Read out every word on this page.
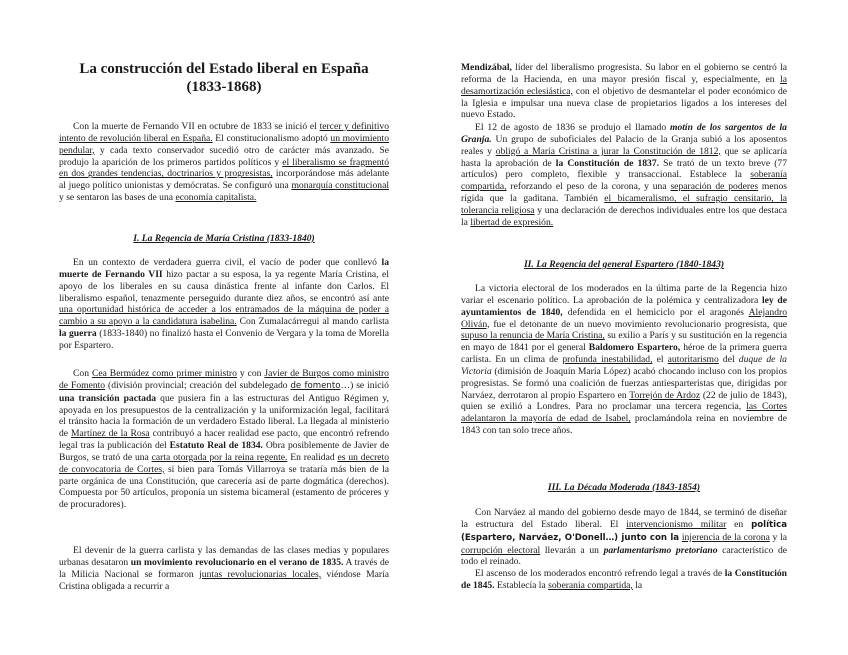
La construcción del Estado liberal en España
(1833-1868)

Con la muerte de Fernando VII en octubre de 1833 se inició el tercer y definitivo intento de revolución liberal en España. El constitucionalismo adoptó un movimiento pendular, y cada texto conservador sucedió otro de carácter más avanzado. Se produjo la aparición de los primeros partidos políticos y el liberalismo se fragmentó en dos grandes tendencias, doctrinarios y progresistas, incorporándose más adelante al juego político unionistas y demócratas. Se configuró una monarquía constitucional y se sentaron las bases de una economía capitalista.

I. La Regencia de María Cristina (1833-1840)

En un contexto de verdadera guerra civil, el vacío de poder que conllevó la muerte de Fernando VII hizo pactar a su esposa, la ya regente María Cristina, el apoyo de los liberales en su causa dinástica frente al infante don Carlos. El liberalismo español, tenazmente perseguido durante diez años, se encontró así ante una oportunidad histórica de acceder a los entramados de la máquina de poder a cambio a su apoyo a la candidatura isabelina. Con Zumalacárregui al mando carlista la guerra (1833-1840) no finalizó hasta el Convenio de Vergara y la toma de Morella por Espartero.

Con Cea Bermúdez como primer ministro y con Javier de Burgos como ministro de Fomento (división provincial; creación del subdelegado de fomento…) se inició una transición pactada que pusiera fin a las estructuras del Antiguo Régimen y, apoyada en los presupuestos de la centralización y la uniformización legal, facilitará el tránsito hacia la formación de un verdadero Estado liberal. La llegada al ministerio de Martínez de la Rosa contribuyó a hacer realidad ese pacto, que encontró refrendo legal tras la publicación del Estatuto Real de 1834. Obra posiblemente de Javier de Burgos, se trató de una carta otorgada por la reina regente. En realidad es un decreto de convocatoria de Cortes, si bien para Tomás Villarroya se trataría más bien de la parte orgánica de una Constitución, que carecería así de parte dogmática (derechos). Compuesta por 50 artículos, proponía un sistema bicameral (estamento de próceres y de procuradores).

El devenir de la guerra carlista y las demandas de las clases medias y populares urbanas desataron un movimiento revolucionario en el verano de 1835. A través de la Milicia Nacional se formaron juntas revolucionarias locales, viéndose María Cristina obligada a recurrir a

Mendizábal, líder del liberalismo progresista. Su labor en el gobierno se centró la reforma de la Hacienda, en una mayor presión fiscal y, especialmente, en la desamortización eclesiástica, con el objetivo de desmantelar el poder económico de la Iglesia e impulsar una nueva clase de propietarios ligados a los intereses del nuevo Estado.

El 12 de agosto de 1836 se produjo el llamado motín de los sargentos de la Granja. Un grupo de suboficiales del Palacio de la Granja subió a los aposentos reales y obligó a María Cristina a jurar la Constitución de 1812, que se aplicaría hasta la aprobación de la Constitución de 1837. Se trató de un texto breve (77 artículos) pero completo, flexible y transaccional. Establece la soberanía compartida, reforzando el peso de la corona, y una separación de poderes menos rígida que la gaditana. También el bicameralismo, el sufragio censitario, la tolerancia religiosa y una declaración de derechos individuales entre los que destaca la libertad de expresión.

II. La Regencia del general Espartero (1840-1843)

La victoria electoral de los moderados en la última parte de la Regencia hizo variar el escenario político. La aprobación de la polémica y centralizadora ley de ayuntamientos de 1840, defendida en el hemiciclo por el aragonés Alejandro Oliván, fue el detonante de un nuevo movimiento revolucionario progresista, que supuso la renuncia de María Cristina, su exilio a París y su sustitución en la regencia en mayo de 1841 por el general Baldomero Espartero, héroe de la primera guerra carlista. En un clima de profunda inestabilidad, el autoritarismo del duque de la Victoria (dimisión de Joaquín María López) acabó chocando incluso con los propios progresistas. Se formó una coalición de fuerzas antiesparteristas que, dirigidas por Narváez, derrotaron al propio Espartero en Torrejón de Ardoz (22 de julio de 1843), quien se exilió a Londres. Para no proclamar una tercera regencia, las Cortes adelantaron la mayoría de edad de Isabel, proclamándola reina en noviembre de 1843 con tan solo trece años.

III. La Década Moderada (1843-1854)

Con Narváez al mando del gobierno desde mayo de 1844, se terminó de diseñar la estructura del Estado liberal. El intervencionismo militar en política (Espartero, Narváez, O'Donell…) junto con la injerencia de la corona y la corrupción electoral llevarán a un parlamentarismo pretoriano característico de todo el reinado.

El ascenso de los moderados encontró refrendo legal a través de la Constitución de 1845. Establecía la soberanía compartida, la
